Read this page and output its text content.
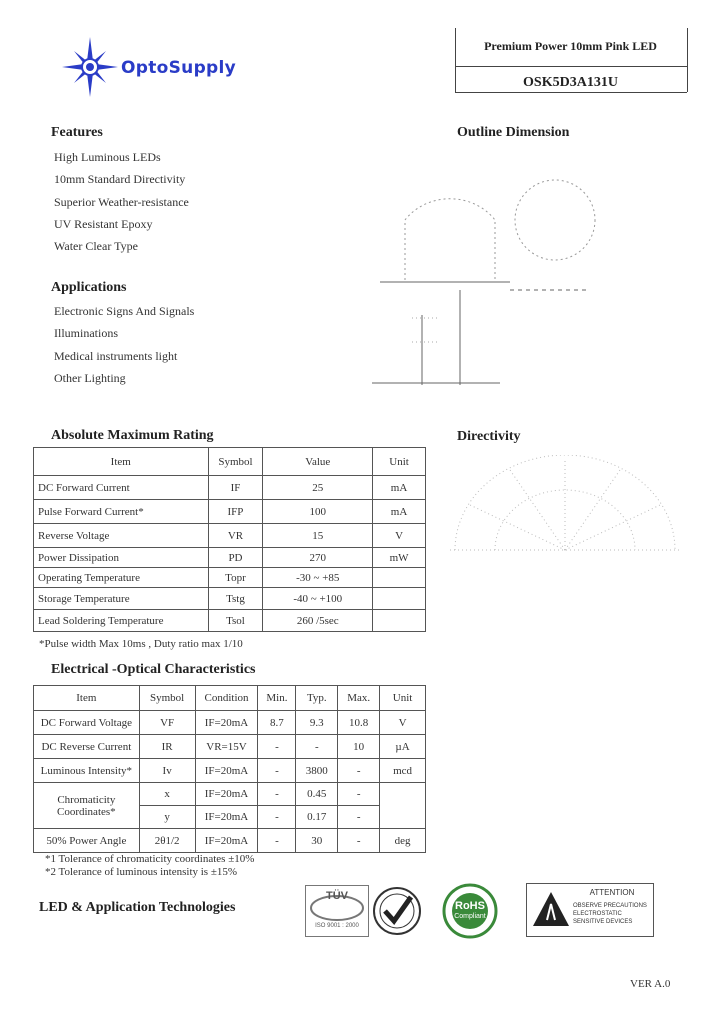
OptoSupply
Premium Power 10mm Pink LED
OSK5D3A131U
Features
High Luminous LEDs
10mm Standard Directivity
Superior Weather-resistance
UV Resistant Epoxy
Water Clear Type
Applications
Electronic Signs And Signals
Illuminations
Medical instruments light
Other Lighting
Outline Dimension
Directivity
Absolute Maximum Rating
Item	Symbol	Value	Unit
DC Forward Current	IF	25	mA
Pulse Forward Current*	IFP	100	mA
Reverse Voltage	VR	15	V
Power Dissipation	PD	270	mW
Operating Temperature	Topr	-30 ~ +85	
Storage Temperature	Tstg	-40 ~ +100	
Lead Soldering Temperature	Tsol	260 /5sec	
*Pulse width Max 10ms , Duty ratio max 1/10
Electrical -Optical Characteristics
Item	Symbol	Condition	Min.	Typ.	Max.	Unit
DC Forward Voltage	VF	IF=20mA	8.7	9.3	10.8	V
DC Reverse Current	IR	VR=15V	-	-	10	µA
Luminous Intensity*	Iv	IF=20mA	-	3800	-	mcd

Chromaticity
Coordinates*	x	IF=20mA	-	0.45	-	
	y	IF=20mA	-	0.17	-	
50% Power Angle	2θ1/2	IF=20mA	-	30	-	deg
*1 Tolerance of chromaticity coordinates ±10%
*2 Tolerance of luminous intensity is ±15%
LED & Application Technologies
TÜV
ISO 9001 : 2000
RoHS
Compliant
ATTENTION
OBSERVE PRECAUTIONS
ELECTROSTATIC
SENSITIVE DEVICES
VER A.0
